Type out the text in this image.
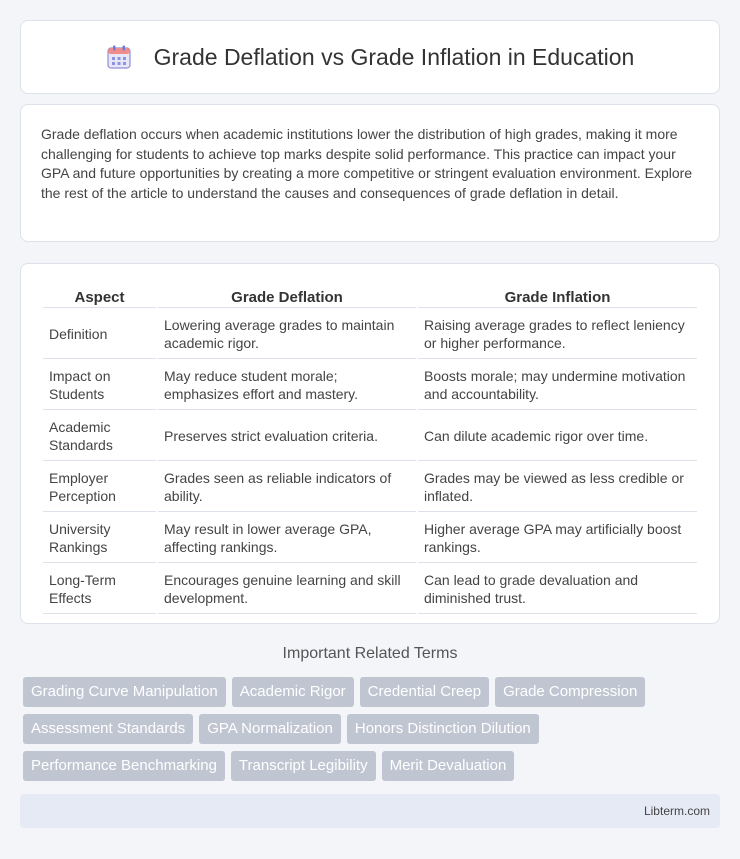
Grade Deflation vs Grade Inflation in Education

Grade deflation occurs when academic institutions lower the distribution of high grades, making it more challenging for students to achieve top marks despite solid performance. This practice can impact your GPA and future opportunities by creating a more competitive or stringent evaluation environment. Explore the rest of the article to understand the causes and consequences of grade deflation in detail.

Aspect	Grade Deflation	Grade Inflation
Definition	Lowering average grades to maintain academic rigor.	Raising average grades to reflect leniency or higher performance.
Impact on Students	May reduce student morale; emphasizes effort and mastery.	Boosts morale; may undermine motivation and accountability.
Academic Standards	Preserves strict evaluation criteria.	Can dilute academic rigor over time.
Employer Perception	Grades seen as reliable indicators of ability.	Grades may be viewed as less credible or inflated.
University Rankings	May result in lower average GPA, affecting rankings.	Higher average GPA may artificially boost rankings.
Long-Term Effects	Encourages genuine learning and skill development.	Can lead to grade devaluation and diminished trust.
Important Related Terms
Grading Curve Manipulation	Academic Rigor	Credential Creep	Grade Compression
Assessment Standards	GPA Normalization	Honors Distinction Dilution
Performance Benchmarking	Transcript Legibility	Merit Devaluation
Libterm.com
